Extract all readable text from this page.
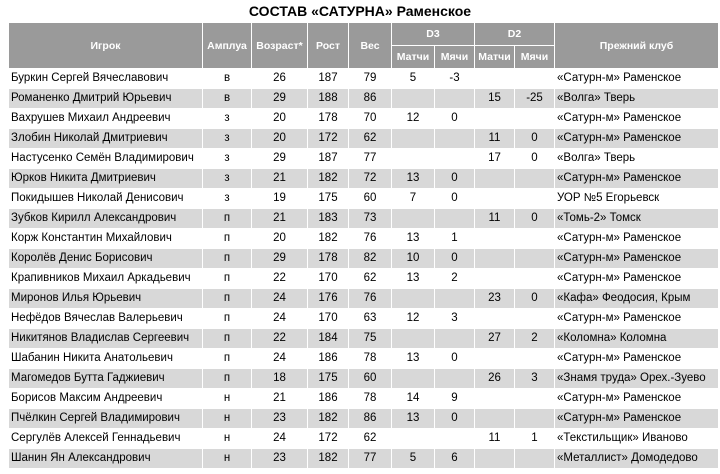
СОСТАВ «САТУРНА» Раменское
Игрок	Амплуа	Возраст*	Рост	Вес	D3		D2		Прежний клуб
					Матчи	Мячи	Матчи	Мячи	
Буркин Сергей Вячеславович	в	26	187	79	5	-3			«Сатурн-м» Раменское
Романенко Дмитрий Юрьевич	в	29	188	86			15	-25	«Волга» Тверь
Вахрушев Михаил Андреевич	з	20	178	70	12	0			«Сатурн-м» Раменское
Злобин Николай Дмитриевич	з	20	172	62			11	0	«Сатурн-м» Раменское
Настусенко Семён Владимирович	з	29	187	77			17	0	«Волга» Тверь
Юрков Никита Дмитриевич	з	21	182	72	13	0			«Сатурн-м» Раменское
Покидышев Николай Денисович	з	19	175	60	7	0			УОР №5 Егорьевск
Зубков Кирилл Александрович	п	21	183	73			11	0	«Томь-2» Томск
Корж Константин Михайлович	п	20	182	76	13	1			«Сатурн-м» Раменское
Королёв Денис Борисович	п	29	178	82	10	0			«Сатурн-м» Раменское
Крапивников Михаил Аркадьевич	п	22	170	62	13	2			«Сатурн-м» Раменское
Миронов Илья Юрьевич	п	24	176	76			23	0	«Кафа» Феодосия, Крым
Нефёдов Вячеслав Валерьевич	п	24	170	63	12	3			«Сатурн-м» Раменское
Никитянов Владислав Сергеевич	п	22	184	75			27	2	«Коломна» Коломна
Шабанин Никита Анатольевич	п	24	186	78	13	0			«Сатурн-м» Раменское
Магомедов Бутта Гаджиевич	п	18	175	60			26	3	«Знамя труда» Орех.-Зуево
Борисов Максим Андреевич	н	21	186	78	14	9			«Сатурн-м» Раменское
Пчёлкин Сергей Владимирович	н	23	182	86	13	0			«Сатурн-м» Раменское
Сергулёв Алексей Геннадьевич	н	24	172	62			11	1	«Текстильщик» Иваново
Шанин Ян Александрович	н	23	182	77	5	6			«Металлист» Домодедово
